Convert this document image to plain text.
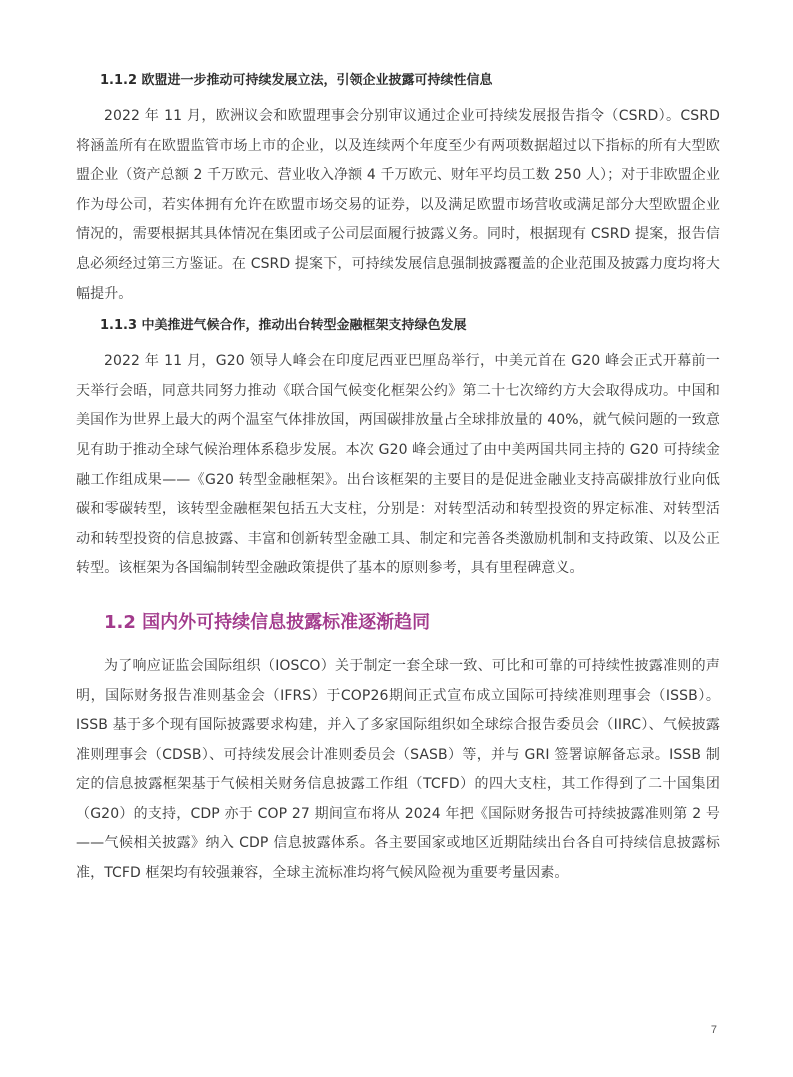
1.1.2 欧盟进一步推动可持续发展立法，引领企业披露可持续性信息

2022 年 11 月，欧洲议会和欧盟理事会分别审议通过企业可持续发展报告指令（CSRD）。CSRD 将涵盖所有在欧盟监管市场上市的企业，以及连续两个年度至少有两项数据超过以下指标的所有大型欧盟企业（资产总额 2 千万欧元、营业收入净额 4 千万欧元、财年平均员工数 250 人）；对于非欧盟企业作为母公司，若实体拥有允许在欧盟市场交易的证券，以及满足欧盟市场营收或满足部分大型欧盟企业情况的，需要根据其具体情况在集团或子公司层面履行披露义务。同时，根据现有 CSRD 提案，报告信息必须经过第三方鉴证。在 CSRD 提案下，可持续发展信息强制披露覆盖的企业范围及披露力度均将大幅提升。

1.1.3 中美推进气候合作，推动出台转型金融框架支持绿色发展

2022 年 11 月，G20 领导人峰会在印度尼西亚巴厘岛举行，中美元首在 G20 峰会正式开幕前一天举行会晤，同意共同努力推动《联合国气候变化框架公约》第二十七次缔约方大会取得成功。中国和美国作为世界上最大的两个温室气体排放国，两国碳排放量占全球排放量的 40%，就气候问题的一致意见有助于推动全球气候治理体系稳步发展。本次 G20 峰会通过了由中美两国共同主持的 G20 可持续金融工作组成果——《G20 转型金融框架》。出台该框架的主要目的是促进金融业支持高碳排放行业向低碳和零碳转型，该转型金融框架包括五大支柱，分别是：对转型活动和转型投资的界定标准、对转型活动和转型投资的信息披露、丰富和创新转型金融工具、制定和完善各类激励机制和支持政策、以及公正转型。该框架为各国编制转型金融政策提供了基本的原则参考，具有里程碑意义。

1.2 国内外可持续信息披露标准逐渐趋同

为了响应证监会国际组织（IOSCO）关于制定一套全球一致、可比和可靠的可持续性披露准则的声明，国际财务报告准则基金会（IFRS）于COP26期间正式宣布成立国际可持续准则理事会（ISSB）。ISSB 基于多个现有国际披露要求构建，并入了多家国际组织如全球综合报告委员会（IIRC）、气候披露准则理事会（CDSB）、可持续发展会计准则委员会（SASB）等，并与 GRI 签署谅解备忘录。ISSB 制定的信息披露框架基于气候相关财务信息披露工作组（TCFD）的四大支柱，其工作得到了二十国集团（G20）的支持，CDP 亦于 COP 27 期间宣布将从 2024 年把《国际财务报告可持续披露准则第 2 号——气候相关披露》纳入 CDP 信息披露体系。各主要国家或地区近期陆续出台各自可持续信息披露标准，TCFD 框架均有较强兼容，全球主流标准均将气候风险视为重要考量因素。

7
